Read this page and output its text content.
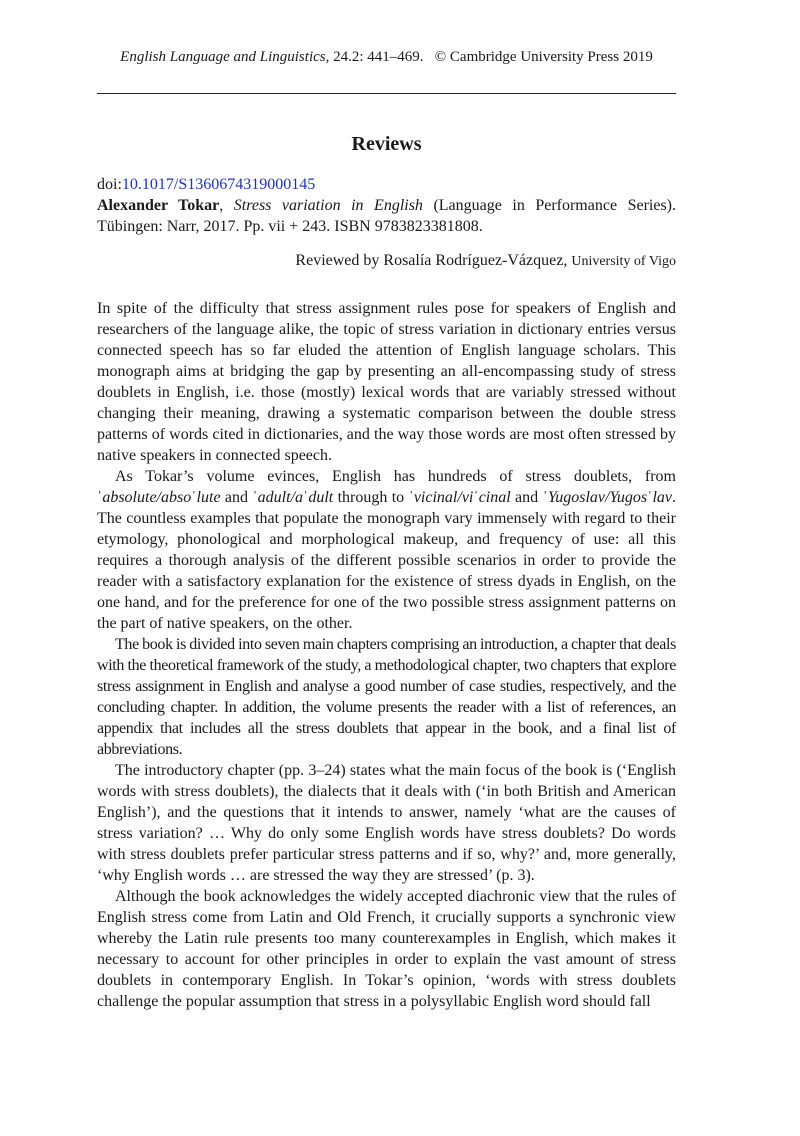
English Language and Linguistics, 24.2: 441–469. © Cambridge University Press 2019
Reviews
doi:10.1017/S1360674319000145
Alexander Tokar, Stress variation in English (Language in Performance Series). Tübingen: Narr, 2017. Pp. vii + 243. ISBN 9783823381808.
Reviewed by Rosalía Rodríguez-Vázquez, University of Vigo

In spite of the difficulty that stress assignment rules pose for speakers of English and researchers of the language alike, the topic of stress variation in dictionary entries versus connected speech has so far eluded the attention of English language scholars. This monograph aims at bridging the gap by presenting an all-encompassing study of stress doublets in English, i.e. those (mostly) lexical words that are variably stressed without changing their meaning, drawing a systematic comparison between the double stress patterns of words cited in dictionaries, and the way those words are most often stressed by native speakers in connected speech.

As Tokar’s volume evinces, English has hundreds of stress doublets, from ˈabsolute/absoˈlute and ˈadult/aˈdult through to ˈvicinal/viˈcinal and ˈYugoslav/Yugosˈlav. The countless examples that populate the monograph vary immensely with regard to their etymology, phonological and morphological makeup, and frequency of use: all this requires a thorough analysis of the different possible scenarios in order to provide the reader with a satisfactory explanation for the existence of stress dyads in English, on the one hand, and for the preference for one of the two possible stress assignment patterns on the part of native speakers, on the other.

The book is divided into seven main chapters comprising an introduction, a chapter that deals with the theoretical framework of the study, a methodological chapter, two chapters that explore stress assignment in English and analyse a good number of case studies, respectively, and the concluding chapter. In addition, the volume presents the reader with a list of references, an appendix that includes all the stress doublets that appear in the book, and a final list of abbreviations.

The introductory chapter (pp. 3–24) states what the main focus of the book is (‘English words with stress doublets), the dialects that it deals with (‘in both British and American English’), and the questions that it intends to answer, namely ‘what are the causes of stress variation? … Why do only some English words have stress doublets? Do words with stress doublets prefer particular stress patterns and if so, why?’ and, more generally, ‘why English words … are stressed the way they are stressed’ (p. 3).

Although the book acknowledges the widely accepted diachronic view that the rules of English stress come from Latin and Old French, it crucially supports a synchronic view whereby the Latin rule presents too many counterexamples in English, which makes it necessary to account for other principles in order to explain the vast amount of stress doublets in contemporary English. In Tokar’s opinion, ‘words with stress doublets challenge the popular assumption that stress in a polysyllabic English word should fall
